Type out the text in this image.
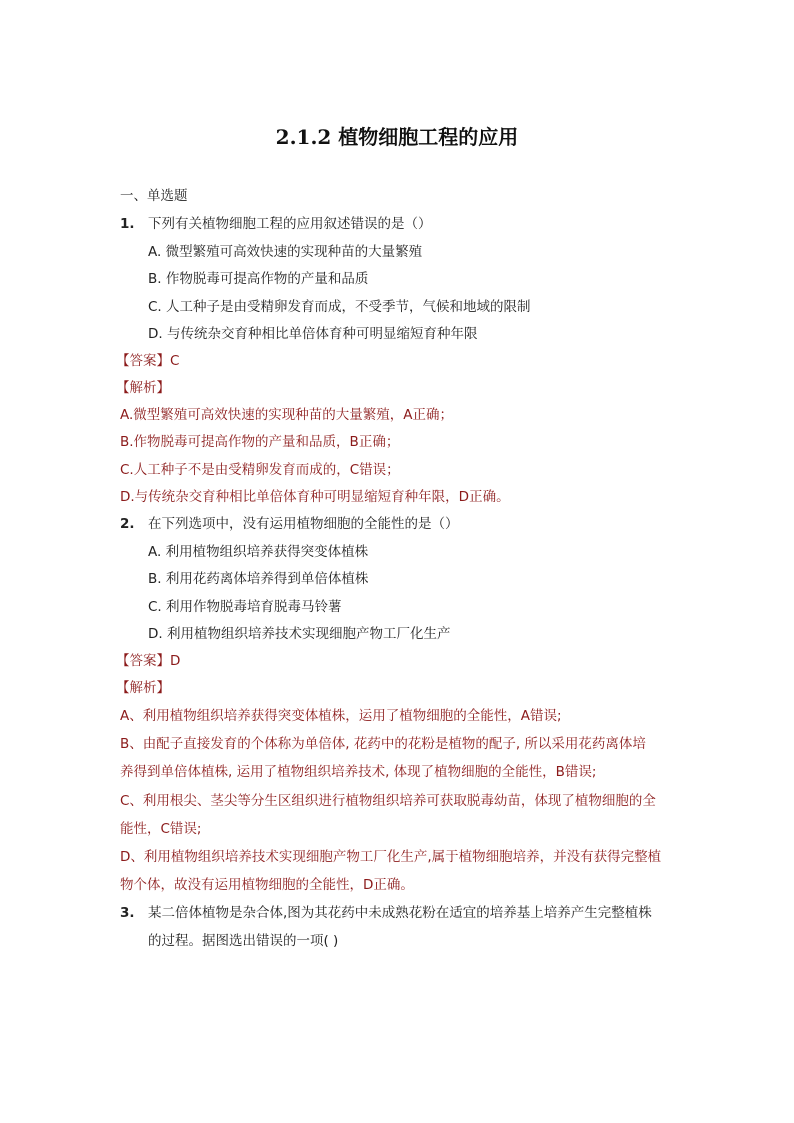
2.1.2 植物细胞工程的应用
一、单选题
1. 下列有关植物细胞工程的应用叙述错误的是（）
A. 微型繁殖可高效快速的实现种苗的大量繁殖
B. 作物脱毒可提高作物的产量和品质
C. 人工种子是由受精卵发育而成，不受季节，气候和地域的限制
D. 与传统杂交育种相比单倍体育种可明显缩短育种年限
【答案】C
【解析】
A.微型繁殖可高效快速的实现种苗的大量繁殖，A正确；
B.作物脱毒可提高作物的产量和品质，B正确；
C.人工种子不是由受精卵发育而成的，C错误；
D.与传统杂交育种相比单倍体育种可明显缩短育种年限，D正确。
2. 在下列选项中，没有运用植物细胞的全能性的是（）
A. 利用植物组织培养获得突变体植株
B. 利用花药离体培养得到单倍体植株
C. 利用作物脱毒培育脱毒马铃薯
D. 利用植物组织培养技术实现细胞产物工厂化生产
【答案】D
【解析】
A、利用植物组织培养获得突变体植株，运用了植物细胞的全能性，A错误;
B、由配子直接发育的个体称为单倍体, 花药中的花粉是植物的配子, 所以采用花药离体培
养得到单倍体植株, 运用了植物组织培养技术, 体现了植物细胞的全能性，B错误;
C、利用根尖、茎尖等分生区组织进行植物组织培养可获取脱毒幼苗，体现了植物细胞的全
能性，C错误;
D、利用植物组织培养技术实现细胞产物工厂化生产,属于植物细胞培养，并没有获得完整植
物个体，故没有运用植物细胞的全能性，D正确。
3. 某二倍体植物是杂合体,图为其花药中未成熟花粉在适宜的培养基上培养产生完整植株
的过程。据图选出错误的一项( )
